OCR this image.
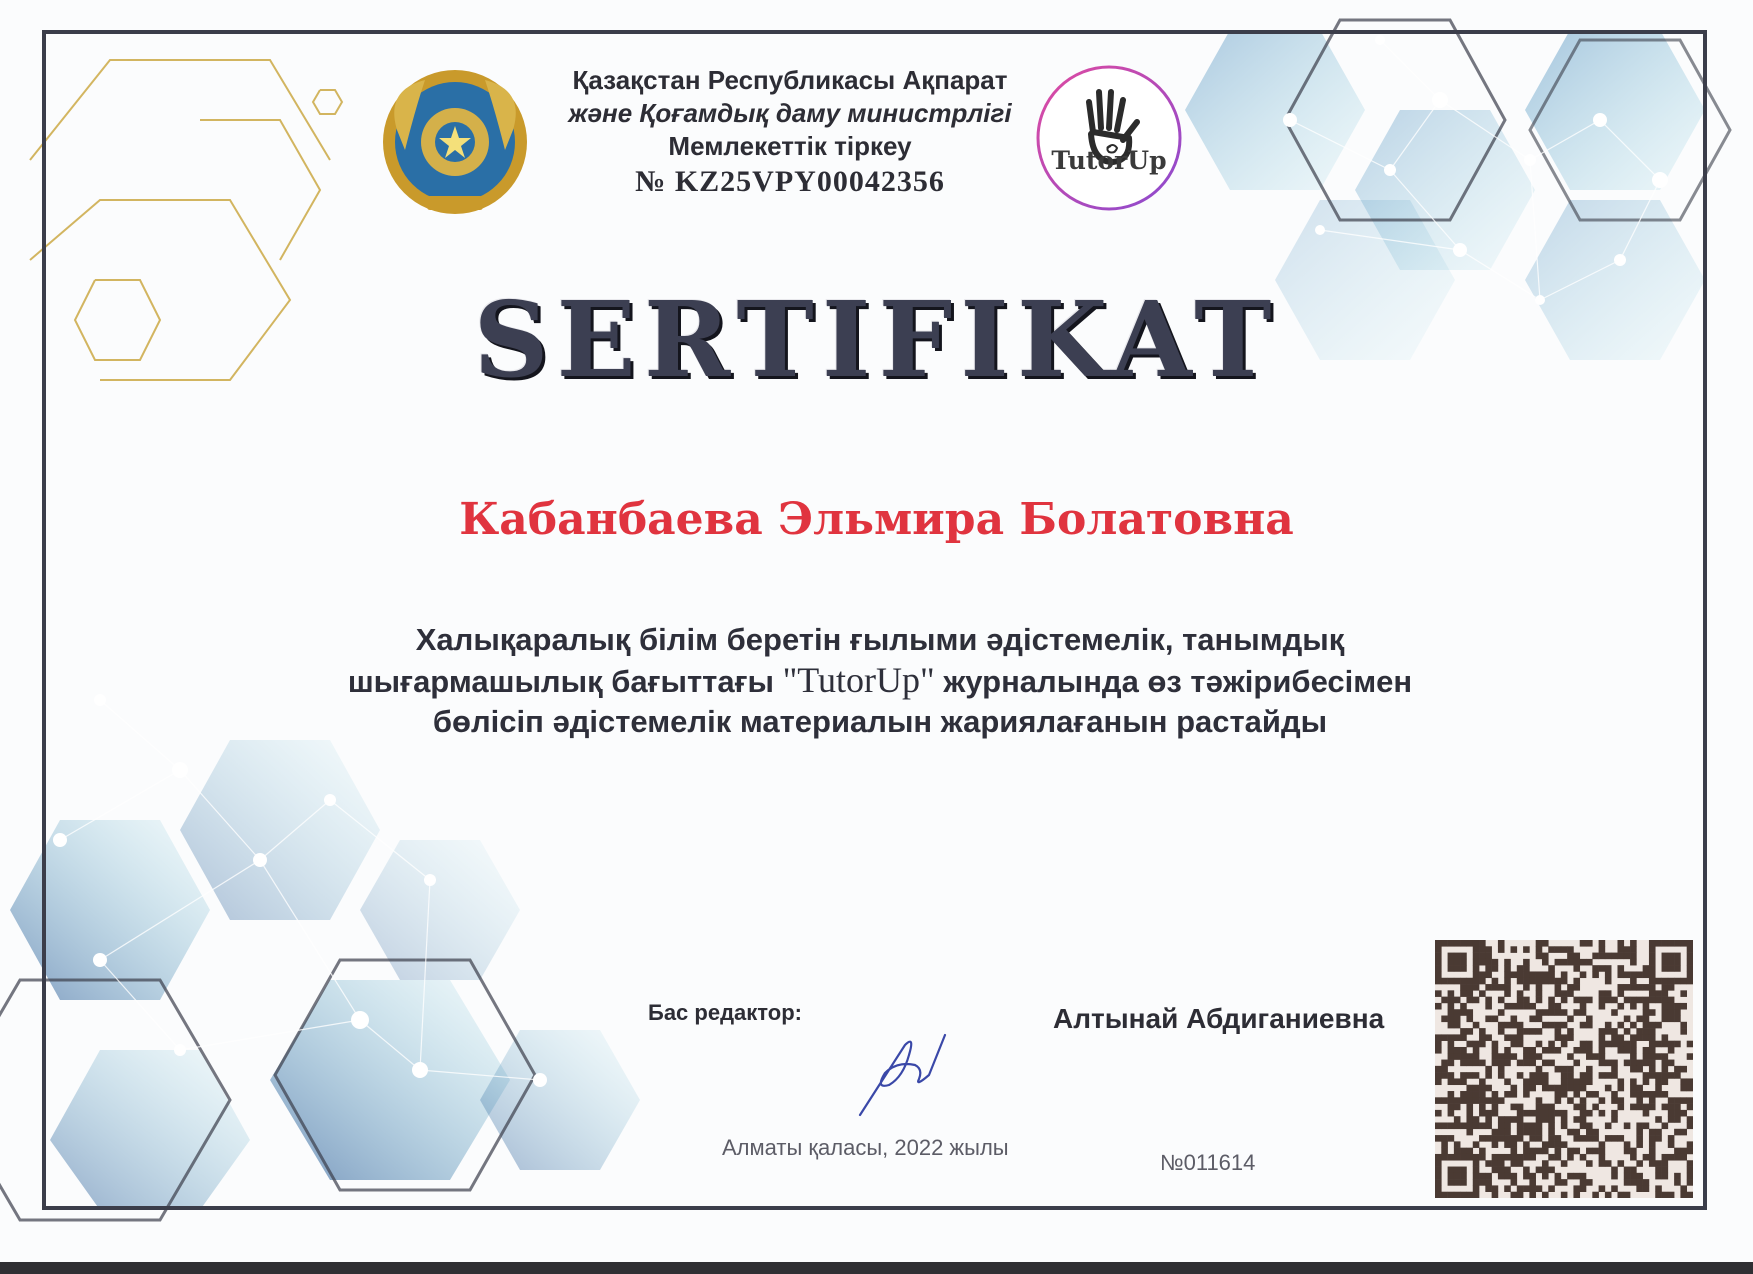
Қазақстан Республикасы Ақпарат
және Қоғамдық даму министрлігі
Мемлекеттік тіркеу
№ KZ25VPY00042356
TutorUp
SERTIFIKAT
Кабанбаева Эльмира Болатовна
Халықаралық білім беретін ғылыми әдістемелік, танымдық
шығармашылық бағыттағы "TutorUp" журналында өз тәжірибесімен
бөлісіп әдістемелік материалын жариялағанын растайды
Бас редактор:	Алтынай Абдиганиевна
Алматы қаласы, 2022 жылы
№011614
